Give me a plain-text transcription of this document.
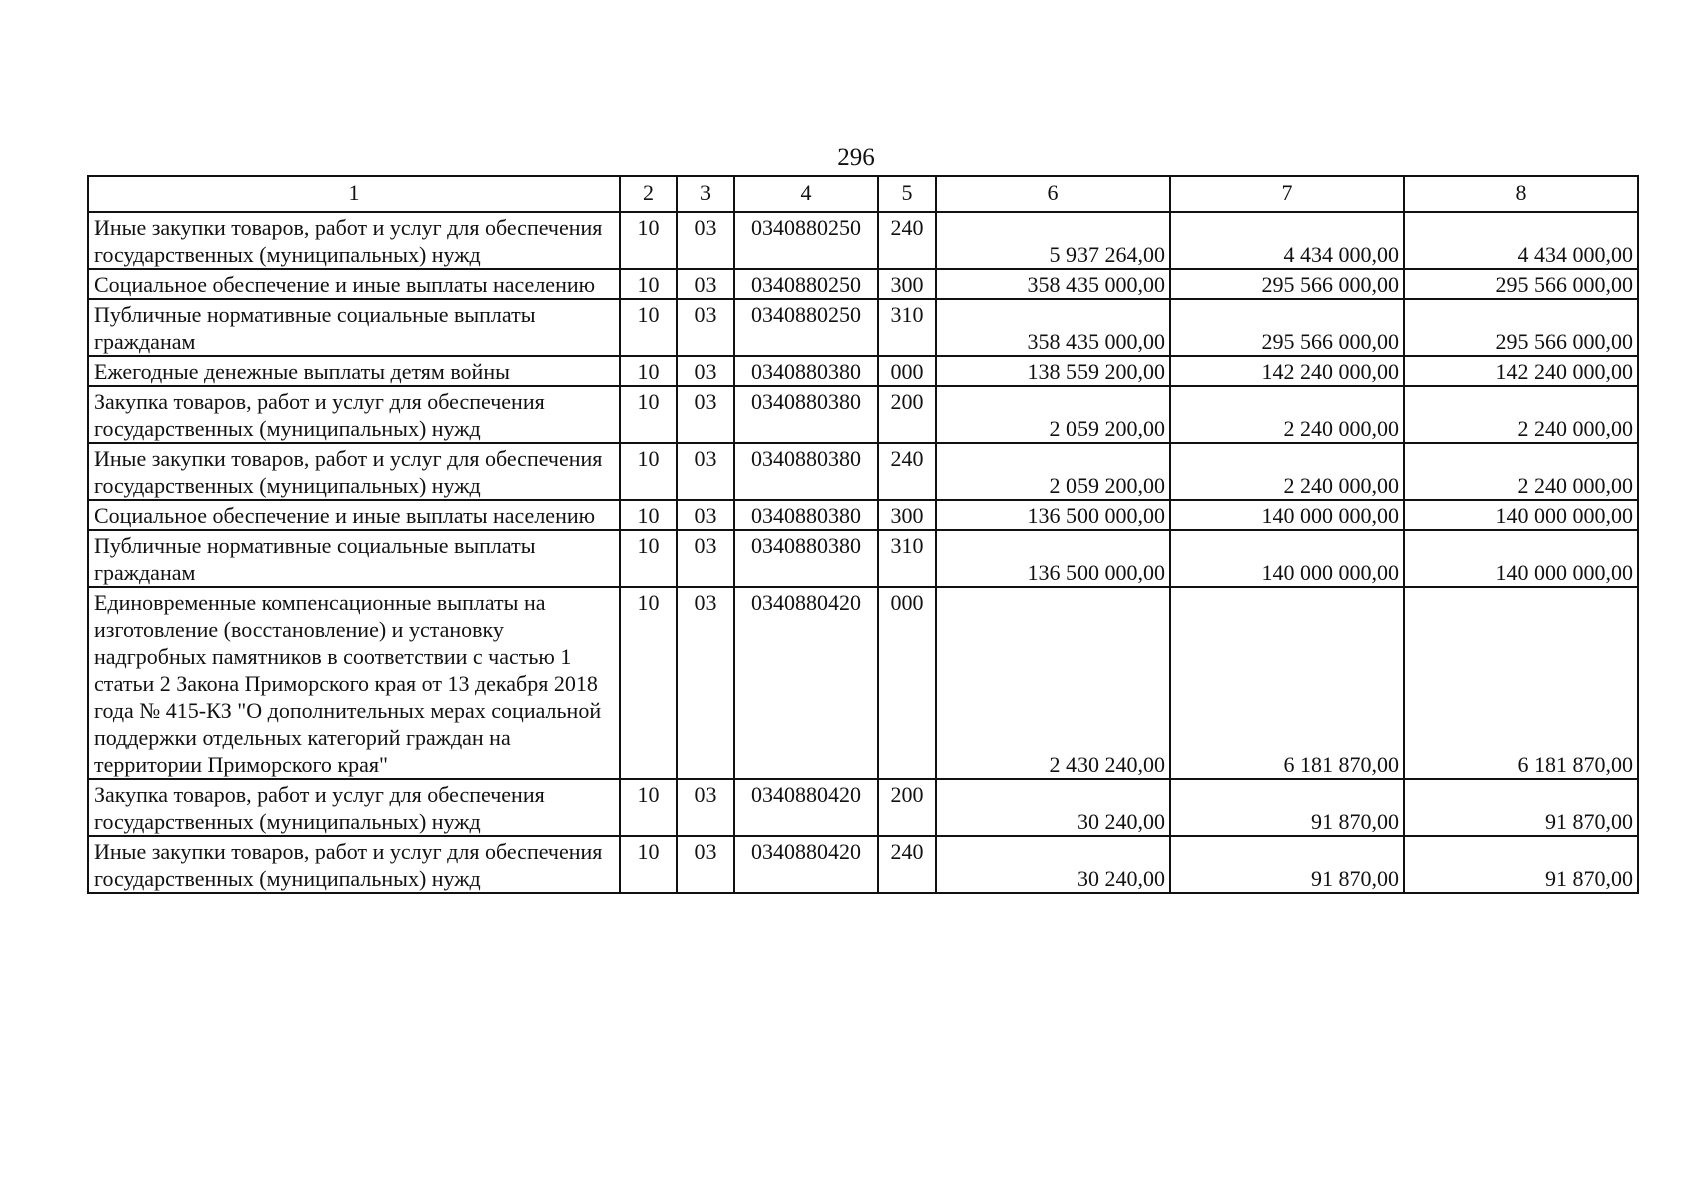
296
1	2	3	4	5	6	7	8
Иные закупки товаров, работ и услуг для обеспечения государственных (муниципальных) нужд	10	03	0340880250	240	5 937 264,00	4 434 000,00	4 434 000,00
Социальное обеспечение и иные выплаты населению	10	03	0340880250	300	358 435 000,00	295 566 000,00	295 566 000,00
Публичные нормативные социальные выплаты гражданам	10	03	0340880250	310	358 435 000,00	295 566 000,00	295 566 000,00
Ежегодные денежные выплаты детям войны	10	03	0340880380	000	138 559 200,00	142 240 000,00	142 240 000,00
Закупка товаров, работ и услуг для обеспечения государственных (муниципальных) нужд	10	03	0340880380	200	2 059 200,00	2 240 000,00	2 240 000,00
Иные закупки товаров, работ и услуг для обеспечения государственных (муниципальных) нужд	10	03	0340880380	240	2 059 200,00	2 240 000,00	2 240 000,00
Социальное обеспечение и иные выплаты населению	10	03	0340880380	300	136 500 000,00	140 000 000,00	140 000 000,00
Публичные нормативные социальные выплаты гражданам	10	03	0340880380	310	136 500 000,00	140 000 000,00	140 000 000,00
Единовременные компенсационные выплаты на изготовление (восстановление) и установку надгробных памятников в соответствии с частью 1 статьи 2 Закона Приморского края от 13 декабря 2018 года № 415-КЗ "О дополнительных мерах социальной поддержки отдельных категорий граждан на территории Приморского края"	10	03	0340880420	000	2 430 240,00	6 181 870,00	6 181 870,00
Закупка товаров, работ и услуг для обеспечения государственных (муниципальных) нужд	10	03	0340880420	200	30 240,00	91 870,00	91 870,00
Иные закупки товаров, работ и услуг для обеспечения государственных (муниципальных) нужд	10	03	0340880420	240	30 240,00	91 870,00	91 870,00
